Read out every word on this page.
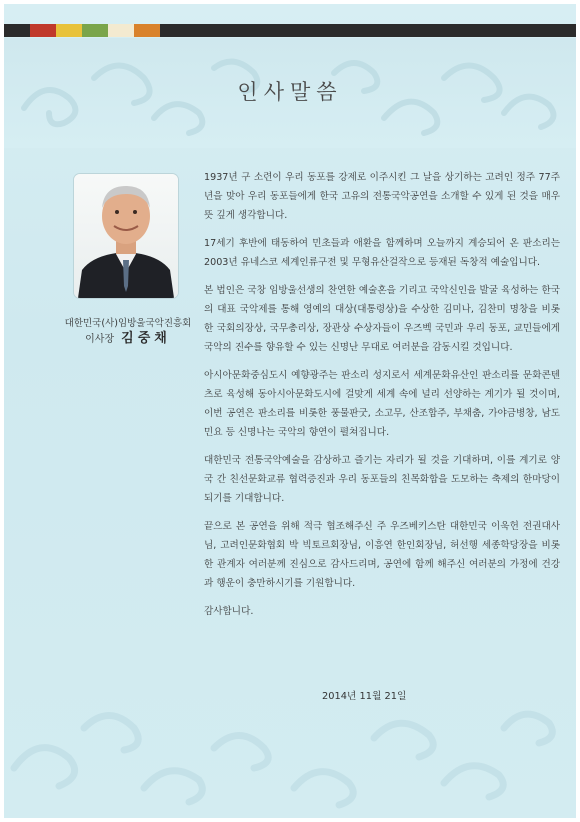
인사말씀
대한민국(사)임방울국악진흥회
이사장 김중채

1937년 구 소련이 우리 동포를 강제로 이주시킨 그 날을 상기하는 고려인 정주 77주년을 맞아 우리 동포들에게 한국 고유의 전통국악공연을 소개할 수 있게 된 것을 매우 뜻 깊게 생각합니다.

17세기 후반에 태동하여 민초들과 애환을 함께하며 오늘까지 계승되어 온 판소리는 2003년 유네스코 세계인류구전 및 무형유산걸작으로 등재된 독창적 예술입니다.

본 법인은 국창 임방울선생의 찬연한 예술혼을 기리고 국악신인을 발굴 육성하는 한국의 대표 국악제를 통해 영예의 대상(대통령상)을 수상한 김미나, 김찬미 명창을 비롯한 국회의장상, 국무총리상, 장관상 수상자들이 우즈벡 국민과 우리 동포, 교민들에게 국악의 진수를 향유할 수 있는 신명난 무대로 여러분을 감동시킬 것입니다.

아시아문화중심도시 예향광주는 판소리 성지로서 세계문화유산인 판소리를 문화콘텐츠로 육성해 동아시아문화도시에 걸맞게 세계 속에 널리 선양하는 계기가 될 것이며, 이번 공연은 판소리를 비롯한 풍물판굿, 소고무, 산조합주, 부채춤, 가야금병창, 남도민요 등 신명나는 국악의 향연이 펼쳐집니다.

대한민국 전통국악예술을 감상하고 즐기는 자리가 될 것을 기대하며, 이를 계기로 양국 간 친선문화교류 협력증진과 우리 동포들의 친목화합을 도모하는 축제의 한마당이 되기를 기대합니다.

끝으로 본 공연을 위해 적극 협조해주신 주 우즈베키스탄 대한민국 이욱헌 전권대사님, 고려인문화협회 박 빅토르회장님, 이흥연 한인회장님, 허선행 세종학당장을 비롯한 관계자 여러분께 진심으로 감사드리며, 공연에 함께 해주신 여러분의 가정에 건강과 행운이 충만하시기를 기원합니다.

감사합니다.

2014년 11월 21일
